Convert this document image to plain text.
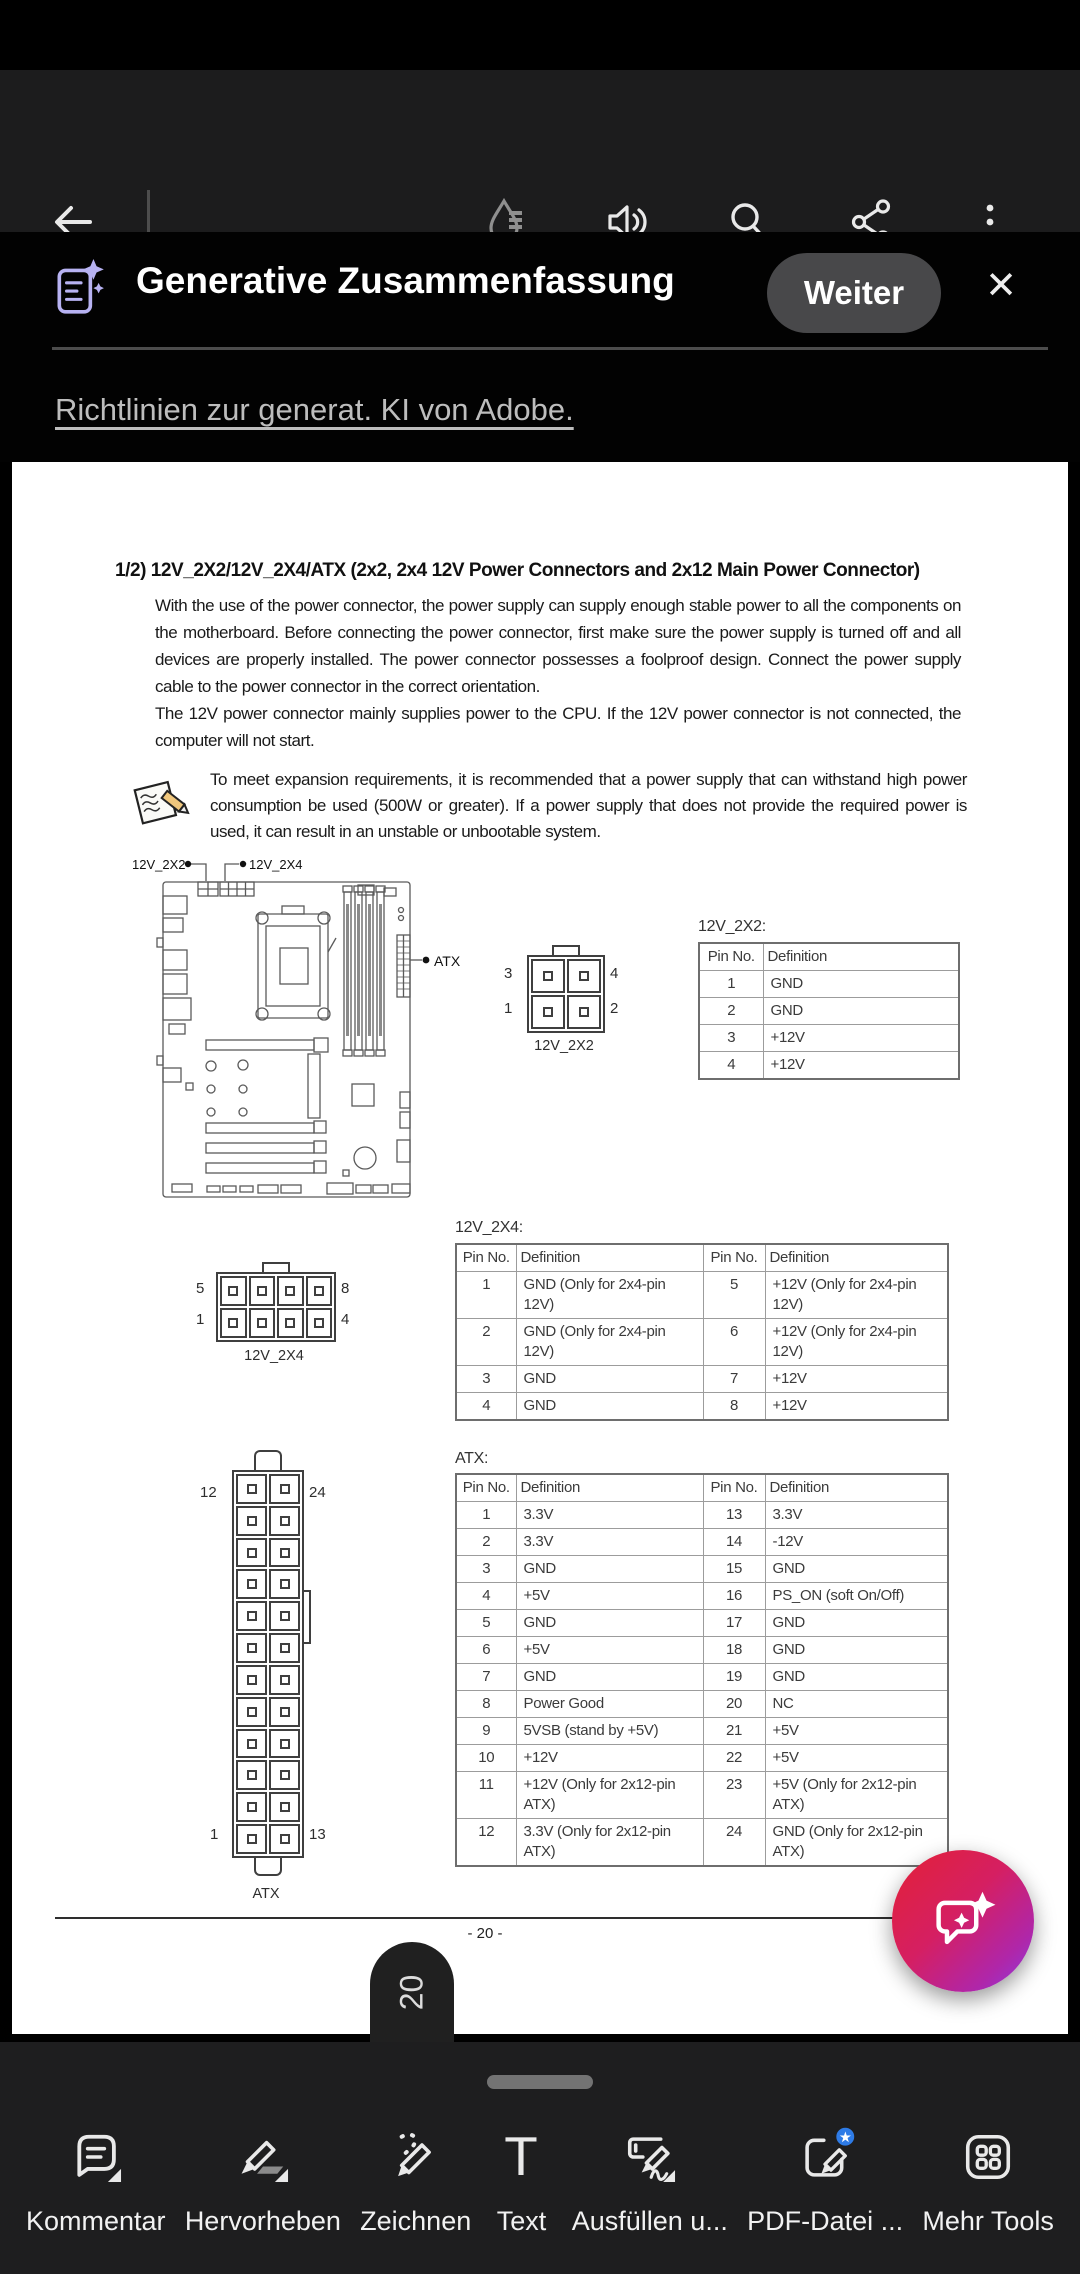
Generative Zusammenfassung	Weiter	✕
Richtlinien zur generat. KI von Adobe.
1/2) 12V_2X2/12V_2X4/ATX (2x2, 2x4 12V Power Connectors and 2x12 Main Power Connector)

With the use of the power connector, the power supply can supply enough stable power to all the components on the motherboard. Before connecting the power connector, first make sure the power supply is turned off and all devices are properly installed. The power connector possesses a foolproof design. Connect the power supply cable to the power connector in the correct orientation.

The 12V power connector mainly supplies power to the CPU. If the 12V power connector is not connected, the computer will not start.

To meet expansion requirements, it is recommended that a power supply that can withstand high power consumption be used (500W or greater). If a power supply that does not provide the required power is used, it can result in an unstable or unbootable system.
12V_2X2	12V_2X4
ATX
3	4
1	2
12V_2X2
12V_2X2:
Pin No.	Definition
1	GND
2	GND
3	+12V
4	+12V
12V_2X4:
Pin No.	Definition	Pin No.	Definition
1	GND (Only for 2x4-pin 12V)	5	+12V (Only for 2x4-pin 12V)
2	GND (Only for 2x4-pin 12V)	6	+12V (Only for 2x4-pin 12V)
3	GND	7	+12V
4	GND	8	+12V
5	8
1	4
12V_2X4
ATX:
Pin No.	Definition	Pin No.	Definition
1	3.3V	13	3.3V
2	3.3V	14	-12V
3	GND	15	GND
4	+5V	16	PS_ON (soft On/Off)
5	GND	17	GND
6	+5V	18	GND
7	GND	19	GND
8	Power Good	20	NC
9	5VSB (stand by +5V)	21	+5V
10	+12V	22	+5V
11	+12V (Only for 2x12-pin ATX)	23	+5V (Only for 2x12-pin ATX)
12	3.3V (Only for 2x12-pin ATX)	24	GND (Only for 2x12-pin ATX)
12	24
1	13
ATX
- 20 -
20
Kommentar Hervorheben Zeichnen
T
Text Ausfüllen u...
★
PDF-Datei ... Mehr Tools
